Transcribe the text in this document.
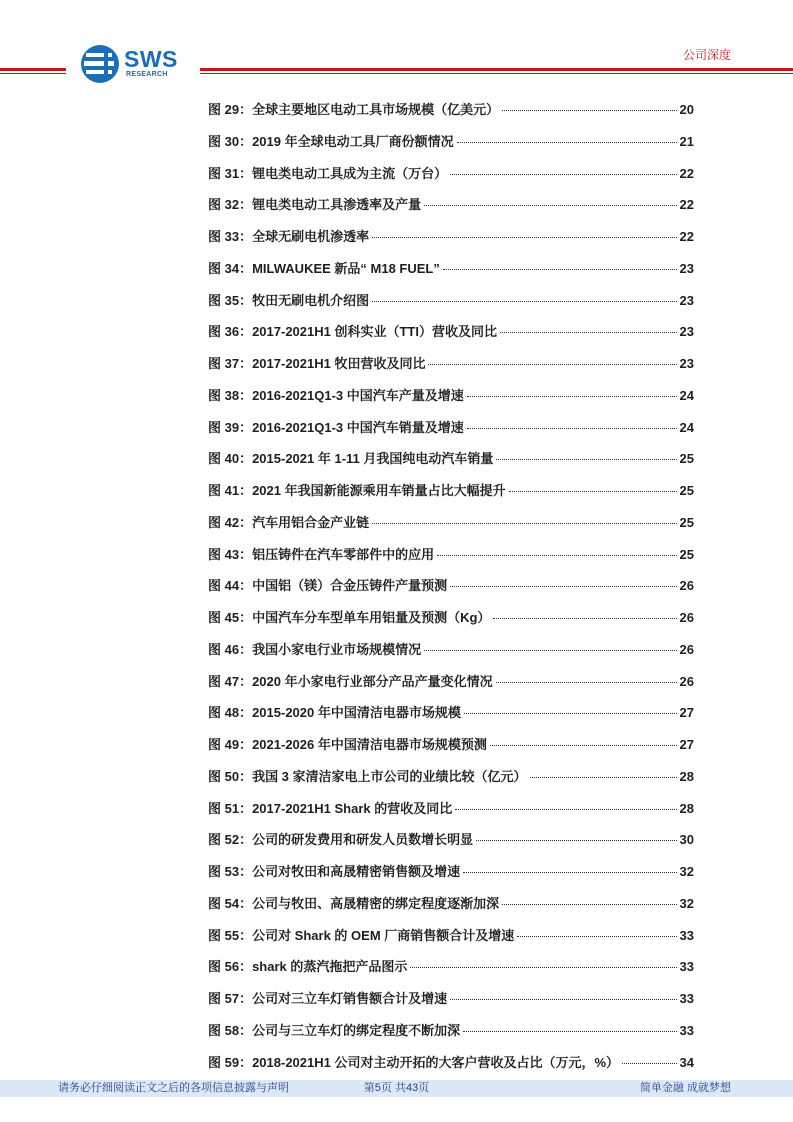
SWS
RESEARCH
公司深度
图 29：全球主要地区电动工具市场规模（亿美元）	20
图 30：2019 年全球电动工具厂商份额情况	21
图 31：锂电类电动工具成为主流（万台）	22
图 32：锂电类电动工具渗透率及产量	22
图 33：全球无刷电机渗透率	22
图 34：MILWAUKEE 新品“ M18 FUEL”	23
图 35：牧田无刷电机介绍图	23
图 36：2017-2021H1 创科实业（TTI）营收及同比	23
图 37：2017-2021H1 牧田营收及同比	23
图 38：2016-2021Q1-3 中国汽车产量及增速	24
图 39：2016-2021Q1-3 中国汽车销量及增速	24
图 40：2015-2021 年 1-11 月我国纯电动汽车销量	25
图 41：2021 年我国新能源乘用车销量占比大幅提升	25
图 42：汽车用铝合金产业链	25
图 43：铝压铸件在汽车零部件中的应用	25
图 44：中国铝（镁）合金压铸件产量预测	26
图 45：中国汽车分车型单车用铝量及预测（Kg）	26
图 46：我国小家电行业市场规模情况	26
图 47：2020 年小家电行业部分产品产量变化情况	26
图 48：2015-2020 年中国清洁电器市场规模	27
图 49：2021-2026 年中国清洁电器市场规模预测	27
图 50：我国 3 家清洁家电上市公司的业绩比较（亿元）	28
图 51：2017-2021H1 Shark 的营收及同比	28
图 52：公司的研发费用和研发人员数增长明显	30
图 53：公司对牧田和高晟精密销售额及增速	32
图 54：公司与牧田、高晟精密的绑定程度逐渐加深	32
图 55：公司对 Shark 的 OEM 厂商销售额合计及增速	33
图 56：shark 的蒸汽拖把产品图示	33
图 57：公司对三立车灯销售额合计及增速	33
图 58：公司与三立车灯的绑定程度不断加深	33
图 59：2018-2021H1 公司对主动开拓的大客户营收及占比（万元，%）	34
第5页 共43页
请务必仔细阅读正文之后的各项信息披露与声明	简单金融 成就梦想
